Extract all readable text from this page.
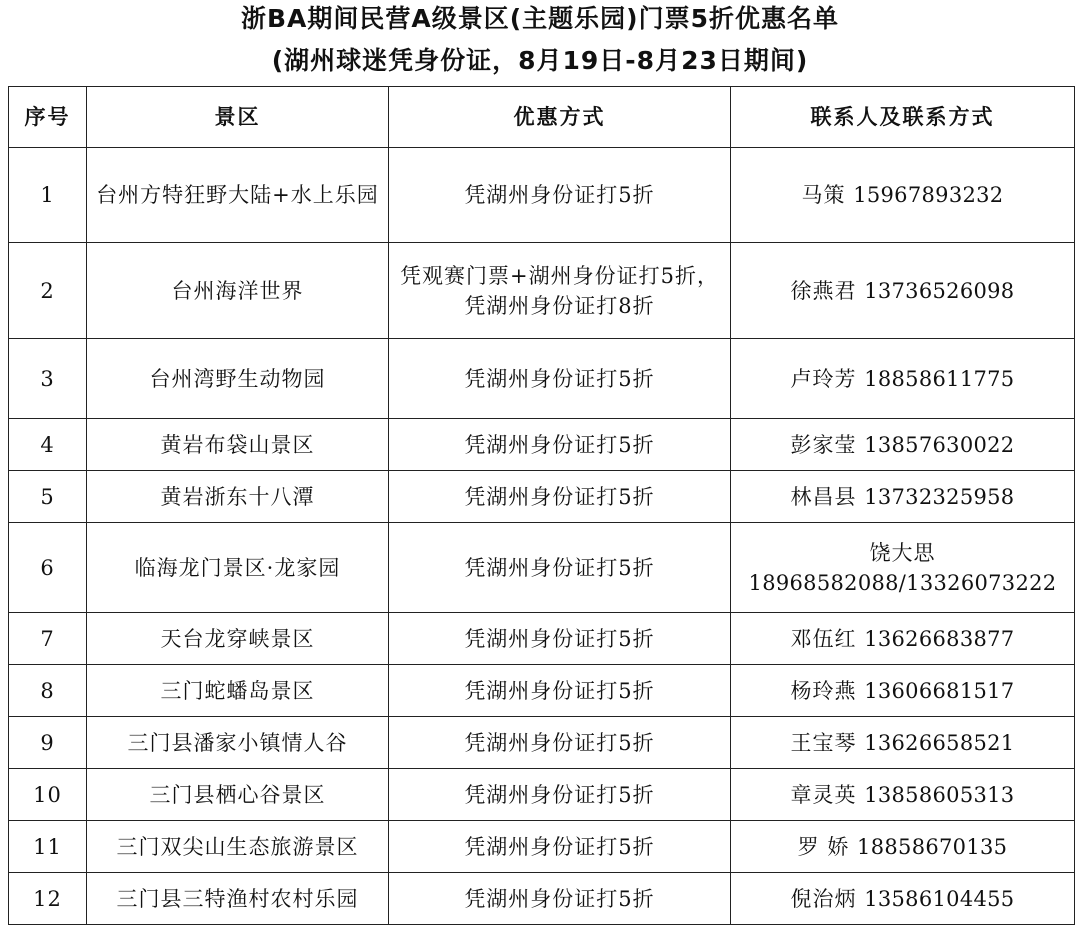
浙BA期间民营A级景区(主题乐园)门票5折优惠名单
(湖州球迷凭身份证，8月19日-8月23日期间)
序号	景区	优惠方式	联系人及联系方式
1	台州方特狂野大陆+水上乐园	凭湖州身份证打5折	马策 15967893232
2	台州海洋世界	凭观赛门票+湖州身份证打5折，凭湖州身份证打8折	徐燕君 13736526098
3	台州湾野生动物园	凭湖州身份证打5折	卢玲芳 18858611775
4	黄岩布袋山景区	凭湖州身份证打5折	彭家莹 13857630022
5	黄岩浙东十八潭	凭湖州身份证打5折	林昌县 13732325958
6	临海龙门景区·龙家园	凭湖州身份证打5折	饶大思
18968582088/13326073222

7	天台龙穿峡景区	凭湖州身份证打5折	邓伍红 13626683877
8	三门蛇蟠岛景区	凭湖州身份证打5折	杨玲燕 13606681517
9	三门县潘家小镇情人谷	凭湖州身份证打5折	王宝琴 13626658521
10	三门县栖心谷景区	凭湖州身份证打5折	章灵英 13858605313
11	三门双尖山生态旅游景区	凭湖州身份证打5折	罗 娇 18858670135
12	三门县三特渔村农村乐园	凭湖州身份证打5折	倪治炳 13586104455
